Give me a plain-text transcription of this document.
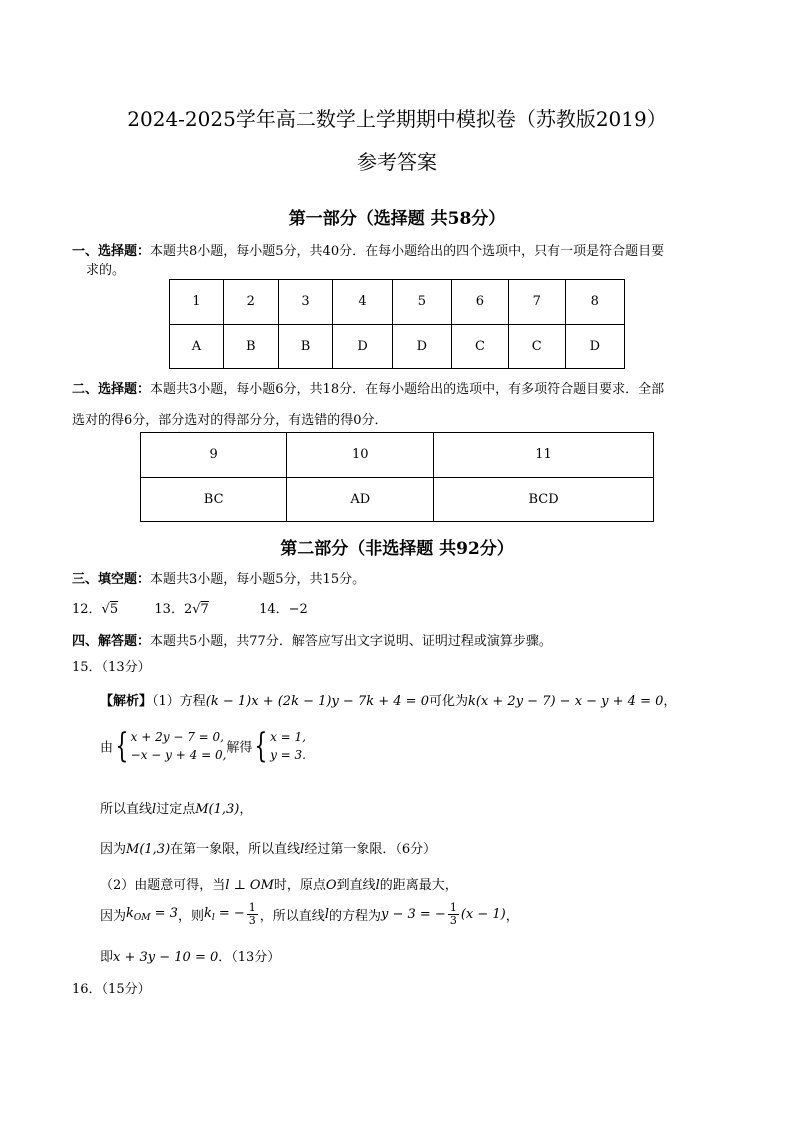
2024-2025学年高二数学上学期期中模拟卷（苏教版2019）
参考答案
第一部分（选择题 共58分）
一、选择题：本题共8小题，每小题5分，共40分．在每小题给出的四个选项中，只有一项是符合题目要
求的。
1	2	3	4	5	6	7	8
A	B	B	D	D	C	C	D
二、选择题：本题共3小题，每小题6分，共18分．在每小题给出的选项中，有多项符合题目要求．全部
选对的得6分，部分选对的得部分分，有选错的得0分．
9	10	11
BC	AD	BCD
第二部分（非选择题 共92分）
三、填空题：本题共3小题，每小题5分，共15分。
12．√5	13．2√7	14．−2
四、解答题：本题共5小题，共77分．解答应写出文字说明、证明过程或演算步骤。
15．（13分）
【解析】（1）方程(k − 1)x + (2k − 1)y − 7k + 4 = 0可化为k(x + 2y − 7) − x − y + 4 = 0，
由{ x + 2y − 7 = 0,
−x − y + 4 = 0, 解得{ x = 1,
y = 3.
所以直线l过定点M(1,3)，
因为M(1,3)在第一象限，所以直线l经过第一象限．（6分）
（2）由题意可得，当l ⊥ OM时，原点O到直线l的距离最大，
因为$k_{OM} = 3$，则$k_l$ = − $\frac{1}{3}$ ，所以直线l的方程为y − 3 = − $\frac{1}{3} (x - 1)$，
即x + 3y − 10 = 0．（13分）
16．（15分）
